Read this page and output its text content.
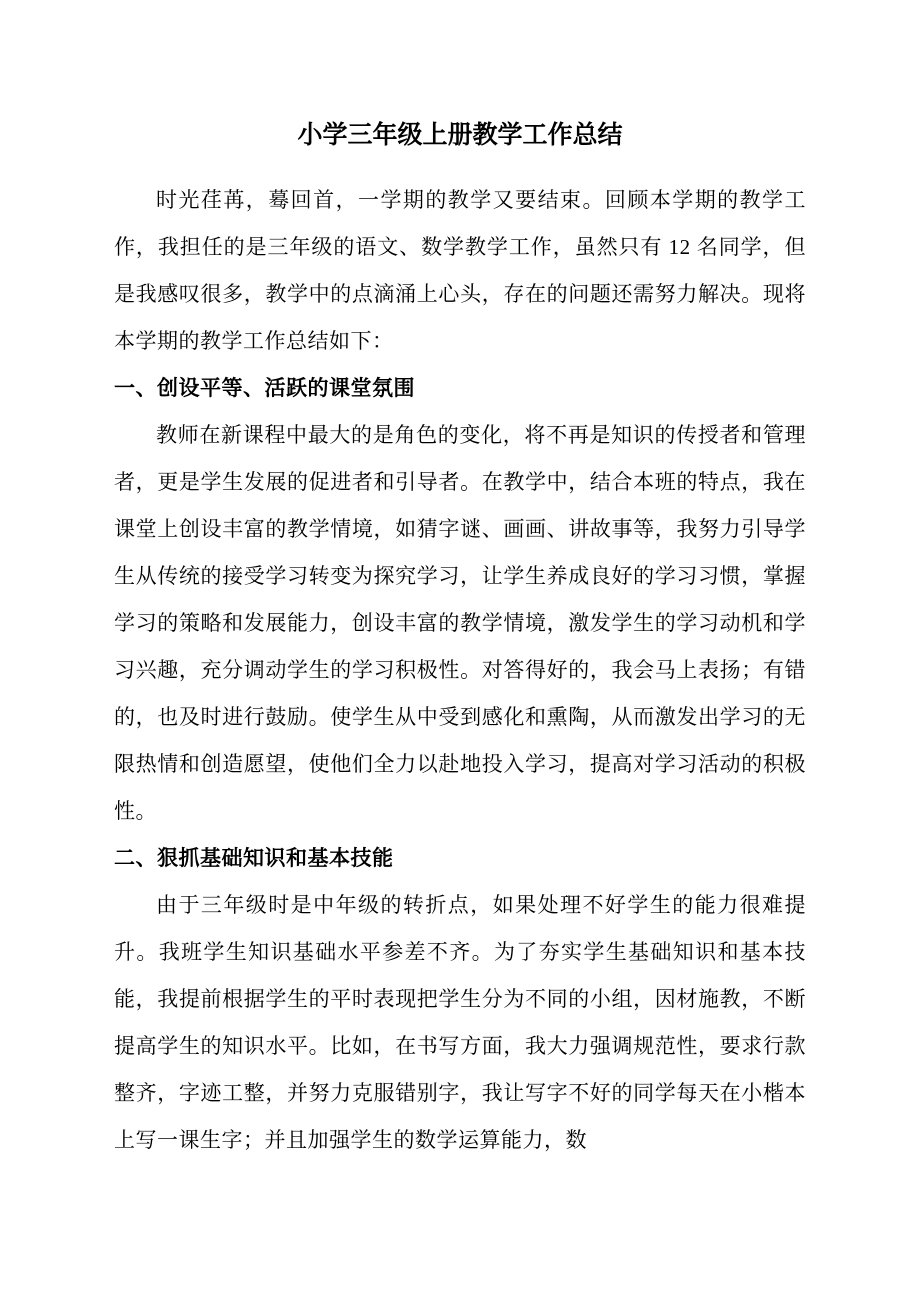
小学三年级上册教学工作总结

时光荏苒，蓦回首，一学期的教学又要结束。回顾本学期的教学工作，我担任的是三年级的语文、数学教学工作，虽然只有 12 名同学，但是我感叹很多，教学中的点滴涌上心头，存在的问题还需努力解决。现将本学期的教学工作总结如下：

一、创设平等、活跃的课堂氛围

教师在新课程中最大的是角色的变化，将不再是知识的传授者和管理者，更是学生发展的促进者和引导者。在教学中，结合本班的特点，我在课堂上创设丰富的教学情境，如猜字谜、画画、讲故事等，我努力引导学生从传统的接受学习转变为探究学习，让学生养成良好的学习习惯，掌握学习的策略和发展能力，创设丰富的教学情境，激发学生的学习动机和学习兴趣，充分调动学生的学习积极性。对答得好的，我会马上表扬；有错的，也及时进行鼓励。使学生从中受到感化和熏陶，从而激发出学习的无限热情和创造愿望，使他们全力以赴地投入学习，提高对学习活动的积极性。

二、狠抓基础知识和基本技能

由于三年级时是中年级的转折点，如果处理不好学生的能力很难提升。我班学生知识基础水平参差不齐。为了夯实学生基础知识和基本技能，我提前根据学生的平时表现把学生分为不同的小组，因材施教，不断提高学生的知识水平。比如，在书写方面，我大力强调规范性，要求行款整齐，字迹工整，并努力克服错别字，我让写字不好的同学每天在小楷本上写一课生字；并且加强学生的数学运算能力，数
